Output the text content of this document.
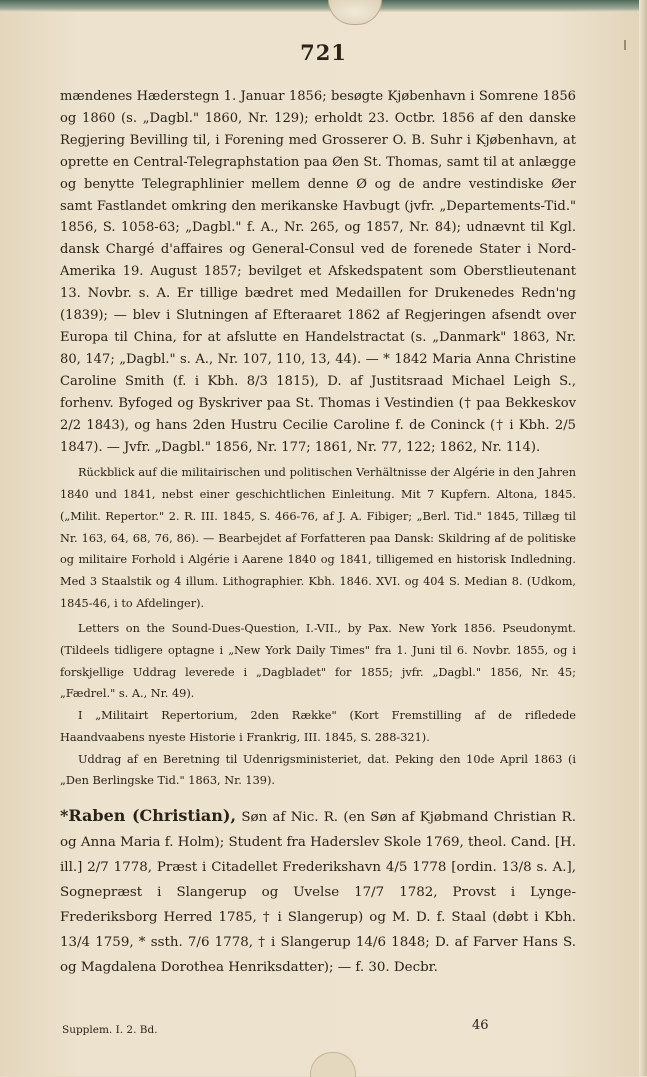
721

mændenes Hæderstegn 1. Januar 1856; besøgte Kjøbenhavn i Somrene 1856 og 1860 (s. „Dagbl." 1860, Nr. 129); erholdt 23. Octbr. 1856 af den danske Regjering Bevilling til, i Forening med Grosserer O. B. Suhr i Kjøbenhavn, at oprette en Central-Telegraphstation paa Øen St. Thomas, samt til at anlægge og benytte Telegraphlinier mellem denne Ø og de andre vestindiske Øer samt Fastlandet omkring den merikanske Havbugt (jvfr. „Departements-Tid." 1856, S. 1058-63; „Dagbl." f. A., Nr. 265, og 1857, Nr. 84); udnævnt til Kgl. dansk Chargé d'affaires og General-Consul ved de forenede Stater i Nord-Amerika 19. August 1857; bevilget et Afskedspatent som Oberstlieutenant 13. Novbr. s. A. Er tillige bædret med Medaillen for Drukenedes Redn'ng (1839); — blev i Slutningen af Efteraaret 1862 af Regjeringen afsendt over Europa til China, for at afslutte en Handelstractat (s. „Danmark" 1863, Nr. 80, 147; „Dagbl." s. A., Nr. 107, 110, 13, 44). — * 1842 Maria Anna Christine Caroline Smith (f. i Kbh. 8/3 1815), D. af Justitsraad Michael Leigh S., forhenv. Byfoged og Byskriver paa St. Thomas i Vestindien († paa Bekkeskov 2/2 1843), og hans 2den Hustru Cecilie Caroline f. de Coninck († i Kbh. 2/5 1847). — Jvfr. „Dagbl." 1856, Nr. 177; 1861, Nr. 77, 122; 1862, Nr. 114).

Rückblick auf die militairischen und politischen Verhältnisse der Algérie in den Jahren 1840 und 1841, nebst einer geschichtlichen Einleitung. Mit 7 Kupfern. Altona, 1845. („Milit. Repertor." 2. R. III. 1845, S. 466-76, af J. A. Fibiger; „Berl. Tid." 1845, Tillæg til Nr. 163, 64, 68, 76, 86). — Bearbejdet af Forfatteren paa Dansk: Skildring af de politiske og militaire Forhold i Algérie i Aarene 1840 og 1841, tilligemed en historisk Indledning. Med 3 Staalstik og 4 illum. Lithographier. Kbh. 1846. XVI. og 404 S. Median 8. (Udkom, 1845-46, i to Afdelinger).

Letters on the Sound-Dues-Question, I.-VII., by Pax. New York 1856. Pseudonymt. (Tildeels tidligere optagne i „New York Daily Times" fra 1. Juni til 6. Novbr. 1855, og i forskjellige Uddrag leverede i „Dagbladet" for 1855; jvfr. „Dagbl." 1856, Nr. 45; „Fædrel." s. A., Nr. 49).

I „Militairt Repertorium, 2den Række" (Kort Fremstilling af de rifledede Haandvaabens nyeste Historie i Frankrig, III. 1845, S. 288-321).

Uddrag af en Beretning til Udenrigsministeriet, dat. Peking den 10de April 1863 (i „Den Berlingske Tid." 1863, Nr. 139).

*Raben (Christian), Søn af Nic. R. (en Søn af Kjøbmand Christian R. og Anna Maria f. Holm); Student fra Haderslev Skole 1769, theol. Cand. [H. ill.] 2/7 1778, Præst i Citadellet Frederikshavn 4/5 1778 [ordin. 13/8 s. A.], Sognepræst i Slangerup og Uvelse 17/7 1782, Provst i Lynge-Frederiksborg Herred 1785, † i Slangerup) og M. D. f. Staal (døbt i Kbh. 13/4 1759, * ssth. 7/6 1778, † i Slangerup 14/6 1848; D. af Farver Hans S. og Magdalena Dorothea Henriksdatter); — f. 30. Decbr.

Supplem. I. 2. Bd.	46
